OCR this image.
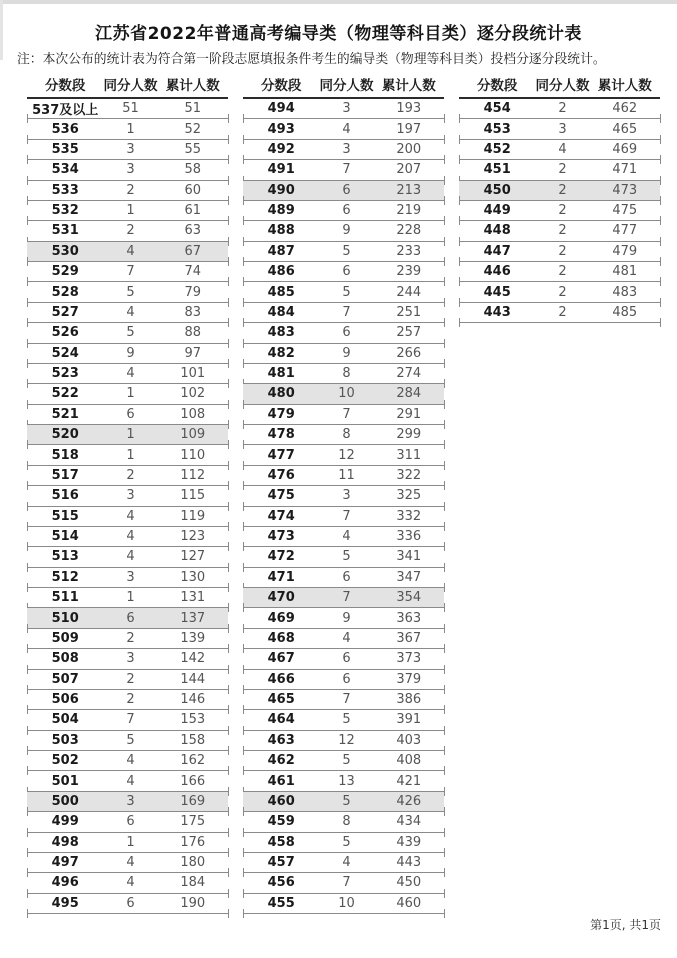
江苏省2022年普通高考编导类（物理等科目类）逐分段统计表
注：本次公布的统计表为符合第一阶段志愿填报条件考生的编导类（物理等科目类）投档分逐分段统计。
分数段	同分人数 累计人数
537及以上	51	51
536	1	52
535	3	55
534	3	58
533	2	60
532	1	61
531	2	63
530	4	67
529	7	74
528	5	79
527	4	83
526	5	88
524	9	97
523	4	101
522	1	102
521	6	108
520	1	109
518	1	110
517	2	112
516	3	115
515	4	119
514	4	123
513	4	127
512	3	130
511	1	131
510	6	137
509	2	139
508	3	142
507	2	144
506	2	146
504	7	153
503	5	158
502	4	162
501	4	166
500	3	169
499	6	175
498	1	176
497	4	180
496	4	184
495	6	190
分数段	同分人数 累计人数
494	3	193
493	4	197
492	3	200
491	7	207
490	6	213
489	6	219
488	9	228
487	5	233
486	6	239
485	5	244
484	7	251
483	6	257
482	9	266
481	8	274
480	10	284
479	7	291
478	8	299
477	12	311
476	11	322
475	3	325
474	7	332
473	4	336
472	5	341
471	6	347
470	7	354
469	9	363
468	4	367
467	6	373
466	6	379
465	7	386
464	5	391
463	12	403
462	5	408
461	13	421
460	5	426
459	8	434
458	5	439
457	4	443
456	7	450
455	10	460
分数段	同分人数 累计人数
454	2	462
453	3	465
452	4	469
451	2	471
450	2	473
449	2	475
448	2	477
447	2	479
446	2	481
445	2	483
443	2	485
第1页, 共1页
